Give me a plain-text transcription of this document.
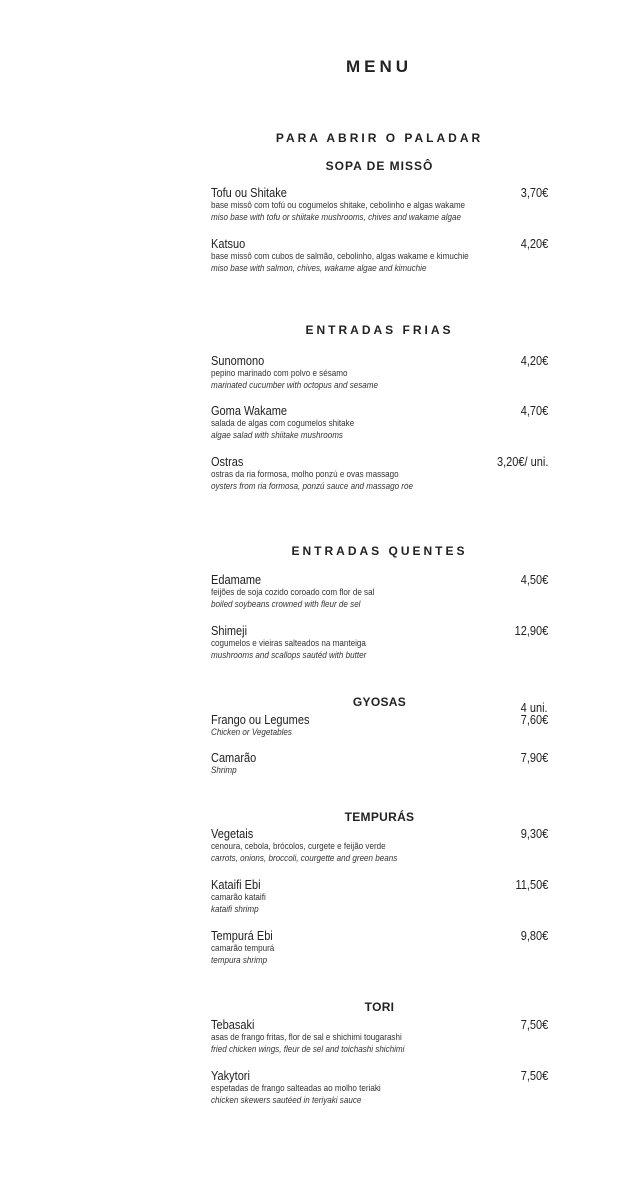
MENU
PARA ABRIR O PALADAR
SOPA DE MISSÔ
Tofu ou Shitake
base missô com tofú ou cogumelos shitake, cebolinho e algas wakame
miso base with tofu or shiitake mushrooms, chives and wakame algae
3,70€
Katsuo
base missô com cubos de salmão, cebolinho, algas wakame e kimuchie
miso base with salmon, chives, wakame algae and kimuchie
4,20€
ENTRADAS FRIAS
Sunomono
pepino marinado com polvo e sésamo
marinated cucumber with octopus and sesame
4,20€
Goma Wakame
salada de algas com cogumelos shitake
algae salad with shiitake mushrooms
4,70€
Ostras
ostras da ria formosa, molho ponzú e ovas massago
oysters from ria formosa, ponzú sauce and massago roe
3,20€/ uni.
ENTRADAS QUENTES
Edamame
feijões de soja cozido coroado com flor de sal
boiled soybeans crowned with fleur de sel
4,50€
Shimeji
cogumelos e vieiras salteados na manteiga
mushrooms and scallops sautéd with butter
12,90€
GYOSAS	4 uni.
Frango ou Legumes
Chicken or Vegetables
7,60€
Camarão
Shrimp
7,90€
TEMPURÁS
Vegetais
cenoura, cebola, brócolos, curgete e feijão verde
carrots, onions, broccoli, courgette and green beans
9,30€
Kataifi Ebi
camarão kataifi
kataifi shrimp
11,50€
Tempurá Ebi
camarão tempurá
tempura shrimp
9,80€
TORI
Tebasaki
asas de frango fritas, flor de sal e shichimi tougarashi
fried chicken wings, fleur de sel and toichashi shichimi
7,50€
Yakytori
espetadas de frango salteadas ao molho teriaki
chicken skewers sautéed in teriyaki sauce
7,50€
